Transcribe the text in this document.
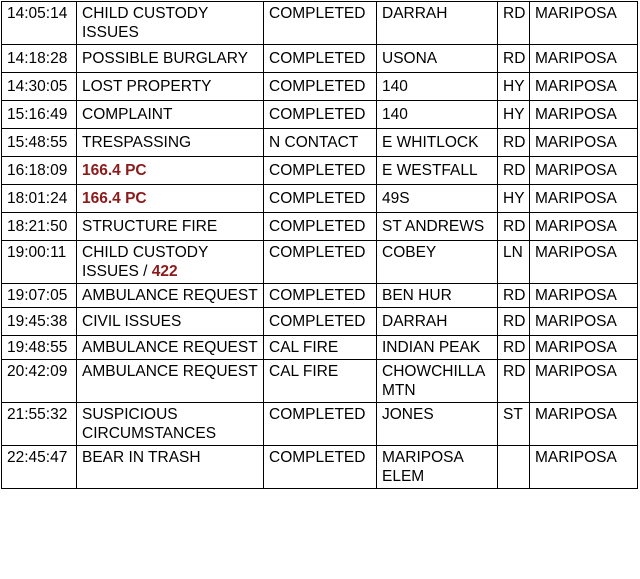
14:05:14	CHILD CUSTODY ISSUES	COMPLETED	DARRAH	RD	MARIPOSA
14:18:28	POSSIBLE BURGLARY	COMPLETED	USONA	RD	MARIPOSA
14:30:05	LOST PROPERTY	COMPLETED	140	HY	MARIPOSA
15:16:49	COMPLAINT	COMPLETED	140	HY	MARIPOSA
15:48:55	TRESPASSING	N CONTACT	E WHITLOCK	RD	MARIPOSA
16:18:09	166.4 PC	COMPLETED	E WESTFALL	RD	MARIPOSA
18:01:24	166.4 PC	COMPLETED	49S	HY	MARIPOSA
18:21:50	STRUCTURE FIRE	COMPLETED	ST ANDREWS	RD	MARIPOSA
19:00:11	CHILD CUSTODY ISSUES / 422	COMPLETED	COBEY	LN	MARIPOSA
19:07:05	AMBULANCE REQUEST	COMPLETED	BEN HUR	RD	MARIPOSA
19:45:38	CIVIL ISSUES	COMPLETED	DARRAH	RD	MARIPOSA
19:48:55	AMBULANCE REQUEST	CAL FIRE	INDIAN PEAK	RD	MARIPOSA
20:42:09	AMBULANCE REQUEST	CAL FIRE	CHOWCHILLA MTN	RD	MARIPOSA
21:55:32	SUSPICIOUS CIRCUMSTANCES	COMPLETED	JONES	ST	MARIPOSA
22:45:47	BEAR IN TRASH	COMPLETED	MARIPOSA ELEM		MARIPOSA
